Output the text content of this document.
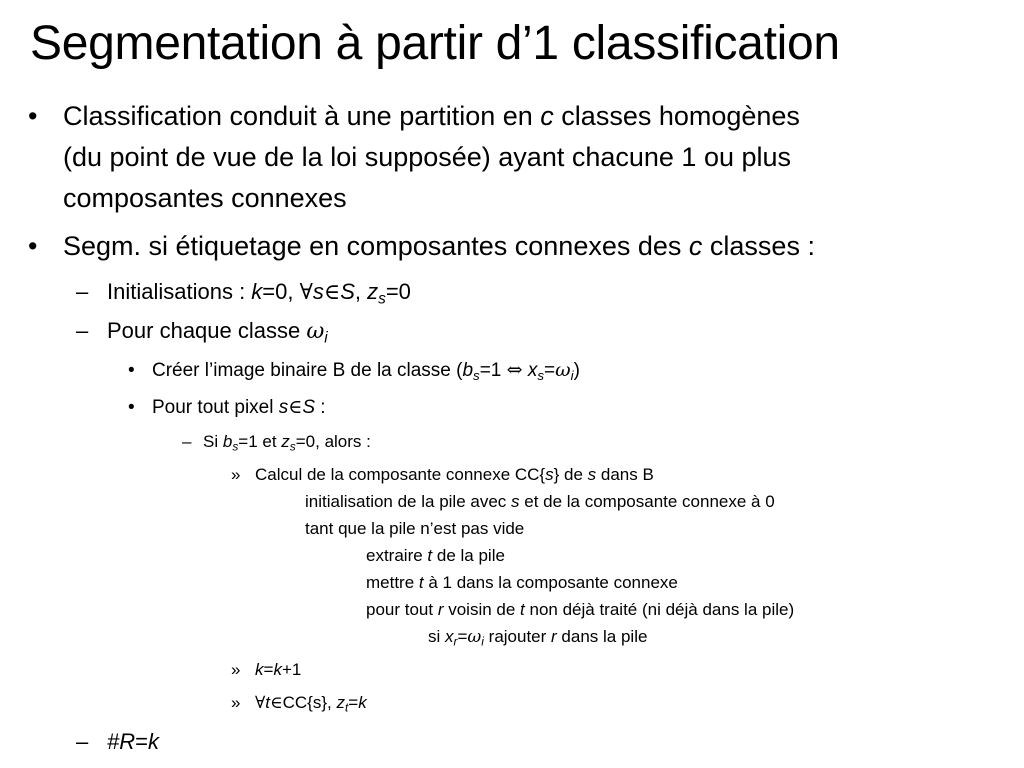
Segmentation à partir d’1 classification
• Classification conduit à une partition en c classes homogènes
(du point de vue de la loi supposée) ayant chacune 1 ou plus
composantes connexes
• Segm. si étiquetage en composantes connexes des c classes :
– Initialisations : k=0, ∀s∈S, $z_s=0$
– Pour chaque classe $\omega_i$
• Créer l’image binaire B de la classe ($b_s=1$ ⇔ $x_s=\omega_i$)
• Pour tout pixel s∈S :
– Si $b_s=1$ et $z_s=0$, alors :
» Calcul de la composante connexe CC{s} de s dans B
initialisation de la pile avec s et de la composante connexe à 0
tant que la pile n’est pas vide
extraire t de la pile
mettre t à 1 dans la composante connexe
pour tout r voisin de t non déjà traité (ni déjà dans la pile)
si $x_r=\omega_i$ rajouter r dans la pile
» k=k+1
» ∀t∈CC{s}, $z_t=k$
– #R=k
